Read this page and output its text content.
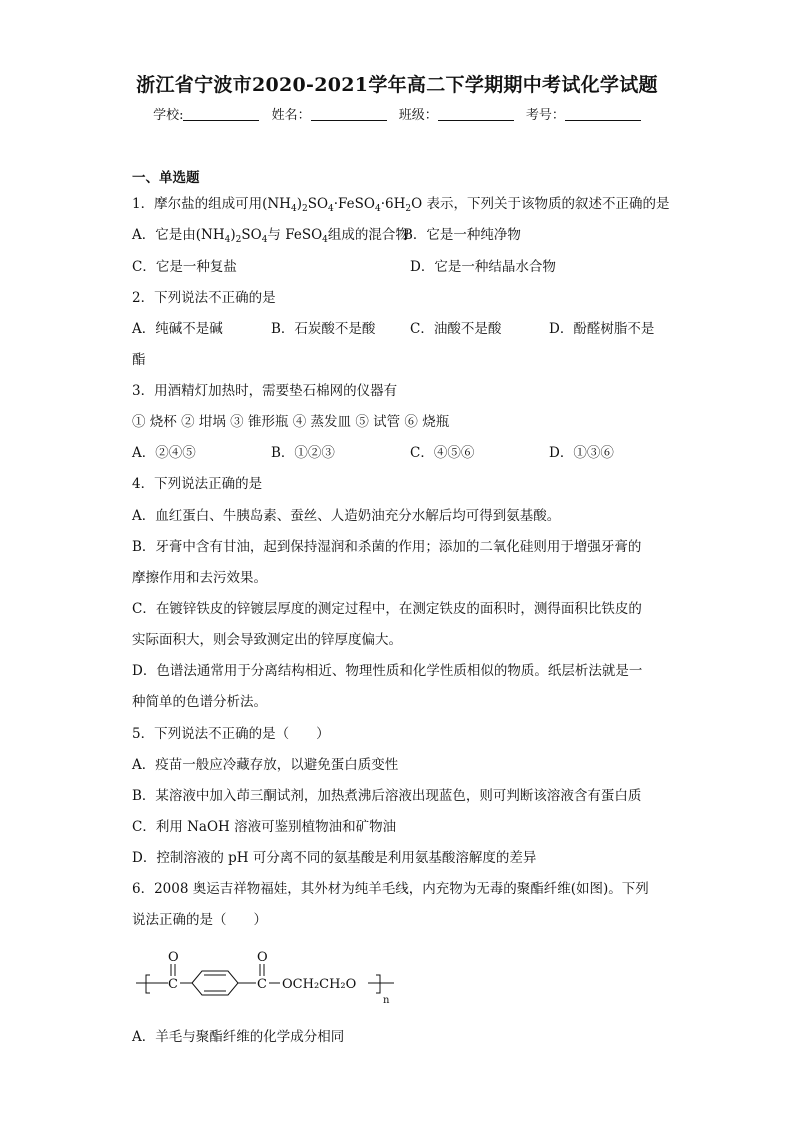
浙江省宁波市2020-2021学年高二下学期期中考试化学试题
学校:	姓名：	班级：	考号：
一、单选题
1．摩尔盐的组成可用$(NH_4)_2SO_4\cdot FeSO_4\cdot 6H_2O$ 表示，下列关于该物质的叙述不正确的是
A．它是由$(NH_4)_2SO_4$与 FeSO$_4$组成的混合物
B．它是一种纯净物
C．它是一种复盐	D．它是一种结晶水合物
2．下列说法不正确的是
A．纯碱不是碱	B．石炭酸不是酸	C．油酸不是酸	D．酚醛树脂不是
酯
3．用酒精灯加热时，需要垫石棉网的仪器有
① 烧杯 ② 坩埚 ③ 锥形瓶 ④ 蒸发皿 ⑤ 试管 ⑥ 烧瓶
A．②④⑤	B．①②③	C．④⑤⑥	D．①③⑥
4．下列说法正确的是
A．血红蛋白、牛胰岛素、蚕丝、人造奶油充分水解后均可得到氨基酸。
B．牙膏中含有甘油，起到保持湿润和杀菌的作用；添加的二氧化硅则用于增强牙膏的
摩擦作用和去污效果。
C．在镀锌铁皮的锌镀层厚度的测定过程中，在测定铁皮的面积时，测得面积比铁皮的
实际面积大，则会导致测定出的锌厚度偏大。
D．色谱法通常用于分离结构相近、物理性质和化学性质相似的物质。纸层析法就是一
种简单的色谱分析法。
5．下列说法不正确的是（　　）
A．疫苗一般应冷藏存放，以避免蛋白质变性
B．某溶液中加入茚三酮试剂，加热煮沸后溶液出现蓝色，则可判断该溶液含有蛋白质
C．利用 NaOH 溶液可鉴别植物油和矿物油
D．控制溶液的 pH 可分离不同的氨基酸是利用氨基酸溶解度的差异
6．2008 奥运吉祥物福娃，其外材为纯羊毛线，内充物为无毒的聚酯纤维(如图)。下列
说法正确的是（　　）
O
C
O
C OCH₂CH₂O
n
A．羊毛与聚酯纤维的化学成分相同
